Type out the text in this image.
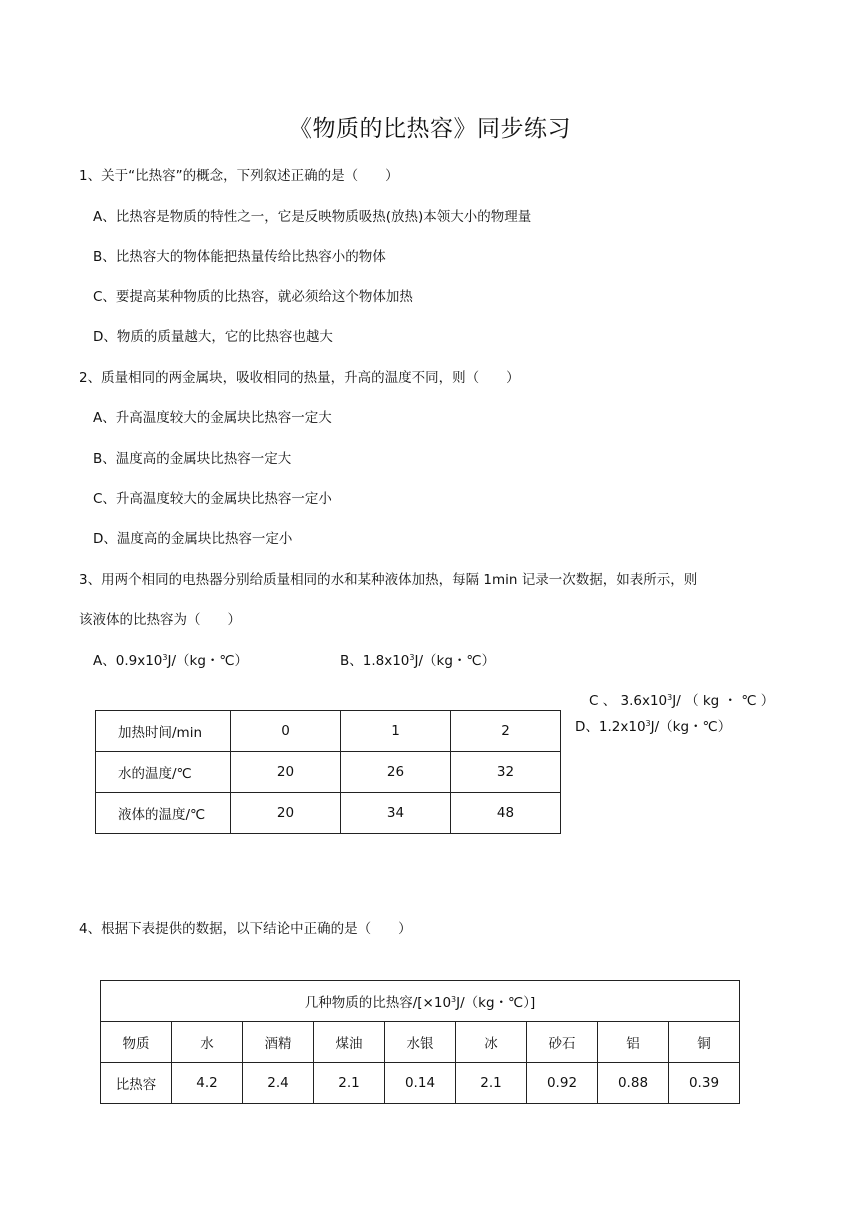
《物质的比热容》同步练习
1、关于“比热容”的概念，下列叙述正确的是（　　）
A、比热容是物质的特性之一，它是反映物质吸热(放热)本领大小的物理量
B、比热容大的物体能把热量传给比热容小的物体
C、要提高某种物质的比热容，就必须给这个物体加热
D、物质的质量越大，它的比热容也越大
2、质量相同的两金属块，吸收相同的热量，升高的温度不同，则（　　）
A、升高温度较大的金属块比热容一定大
B、温度高的金属块比热容一定大
C、升高温度较大的金属块比热容一定小
D、温度高的金属块比热容一定小
3、用两个相同的电热器分别给质量相同的水和某种液体加热，每隔 1min 记录一次数据，如表所示，则
该液体的比热容为（　　）
A、$0.9x10^3J/(kg$・℃）	B、$1.8x10^3J/(kg$・℃）
C 、 $3.6x10^3J/$ （ kg ・ ℃ ）
D、$1.2x10^3J/(kg$・℃）
加热时间/min	0	1	2
水的温度/℃	20	26	32
液体的温度/℃	20	34	48
4、根据下表提供的数据，以下结论中正确的是（　　）
几种物质的比热容$/[\times 10^3J/(kg$・℃）]								
物质	水	酒精	煤油	水银	冰	砂石	铝	铜
比热容	4.2	2.4	2.1	0.14	2.1	0.92	0.88	0.39
